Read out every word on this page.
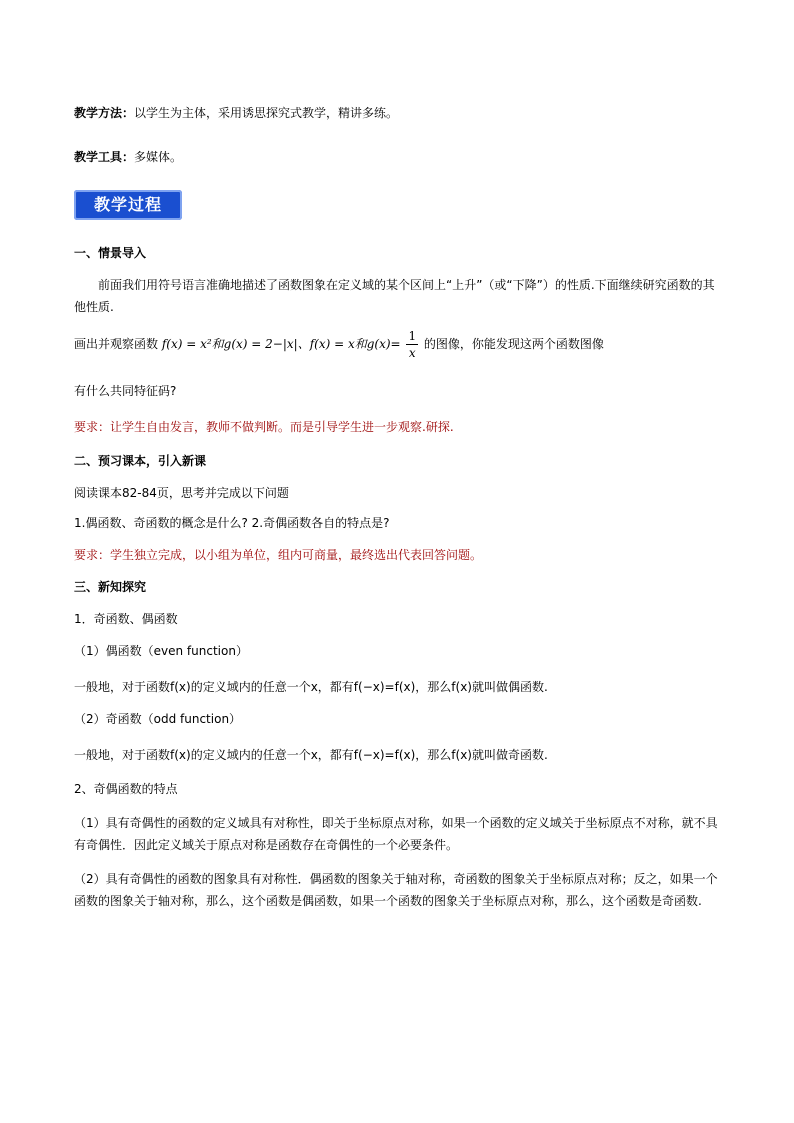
教学方法：以学生为主体，采用诱思探究式教学，精讲多练。
教学工具：多媒体。
教学过程
一、情景导入
前面我们用符号语言准确地描述了函数图象在定义域的某个区间上“上升”（或“下降”）的性质.下面继续研究函数的其他性质.
画出并观察函数 f(x) = x²和g(x) = 2−|x|、f(x) = x和$g(x)= \frac{1}{x}$ 的图像，你能发现这两个函数图像
有什么共同特征码?
要求：让学生自由发言，教师不做判断。而是引导学生进一步观察.研探.
二、预习课本，引入新课
阅读课本82-84页，思考并完成以下问题
1.偶函数、奇函数的概念是什么? 2.奇偶函数各自的特点是?
要求：学生独立完成，以小组为单位，组内可商量，最终选出代表回答问题。
三、新知探究
1．奇函数、偶函数
（1）偶函数（even function）
一般地，对于函数f(x)的定义域内的任意一个x，都有f(−x)=f(x)，那么f(x)就叫做偶函数.
（2）奇函数（odd function）
一般地，对于函数f(x)的定义域内的任意一个x，都有f(−x)=f(x)，那么f(x)就叫做奇函数.
2、奇偶函数的特点
（1）具有奇偶性的函数的定义域具有对称性，即关于坐标原点对称，如果一个函数的定义域关于坐标原点不对称，就不具有奇偶性．因此定义域关于原点对称是函数存在奇偶性的一个必要条件。
（2）具有奇偶性的函数的图象具有对称性．偶函数的图象关于轴对称，奇函数的图象关于坐标原点对称；反之，如果一个函数的图象关于轴对称，那么，这个函数是偶函数，如果一个函数的图象关于坐标原点对称，那么，这个函数是奇函数.
